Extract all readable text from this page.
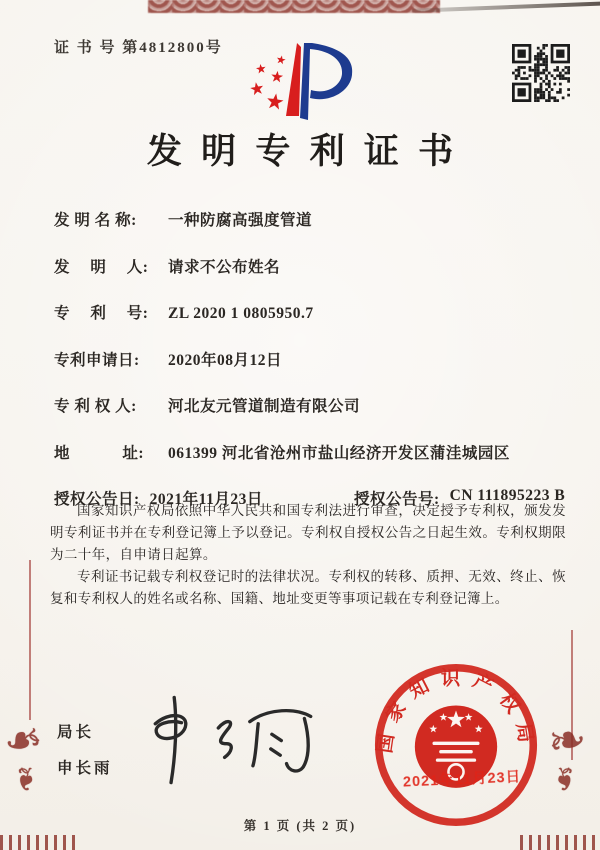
❧
❧
❧
❧
证 书 号 第4812800号
发明专利证书
发 明 名 称:	一种防腐高强度管道
发　 明　 人:	请求不公布姓名
专　 利　 号:	ZL 2020 1 0805950.7
专利申请日:	2020年08月12日
专 利 权 人:	河北友元管道制造有限公司
地　　　 址:	061399 河北省沧州市盐山经济开发区蒲洼城园区
授权公告日: 2021年11月23日	授权公告号: CN 111895223 B

国家知识产权局依照中华人民共和国专利法进行审查，决定授予专利权，颁发发明专利证书并在专利登记簿上予以登记。专利权自授权公告之日起生效。专利权期限为二十年，自申请日起算。

专利证书记载专利权登记时的法律状况。专利权的转移、质押、无效、终止、恢复和专利权人的姓名或名称、国籍、地址变更等事项记载在专利登记簿上。

局长
申长雨
国家知识产权局
2021年11月23日
第 1 页 (共 2 页)
